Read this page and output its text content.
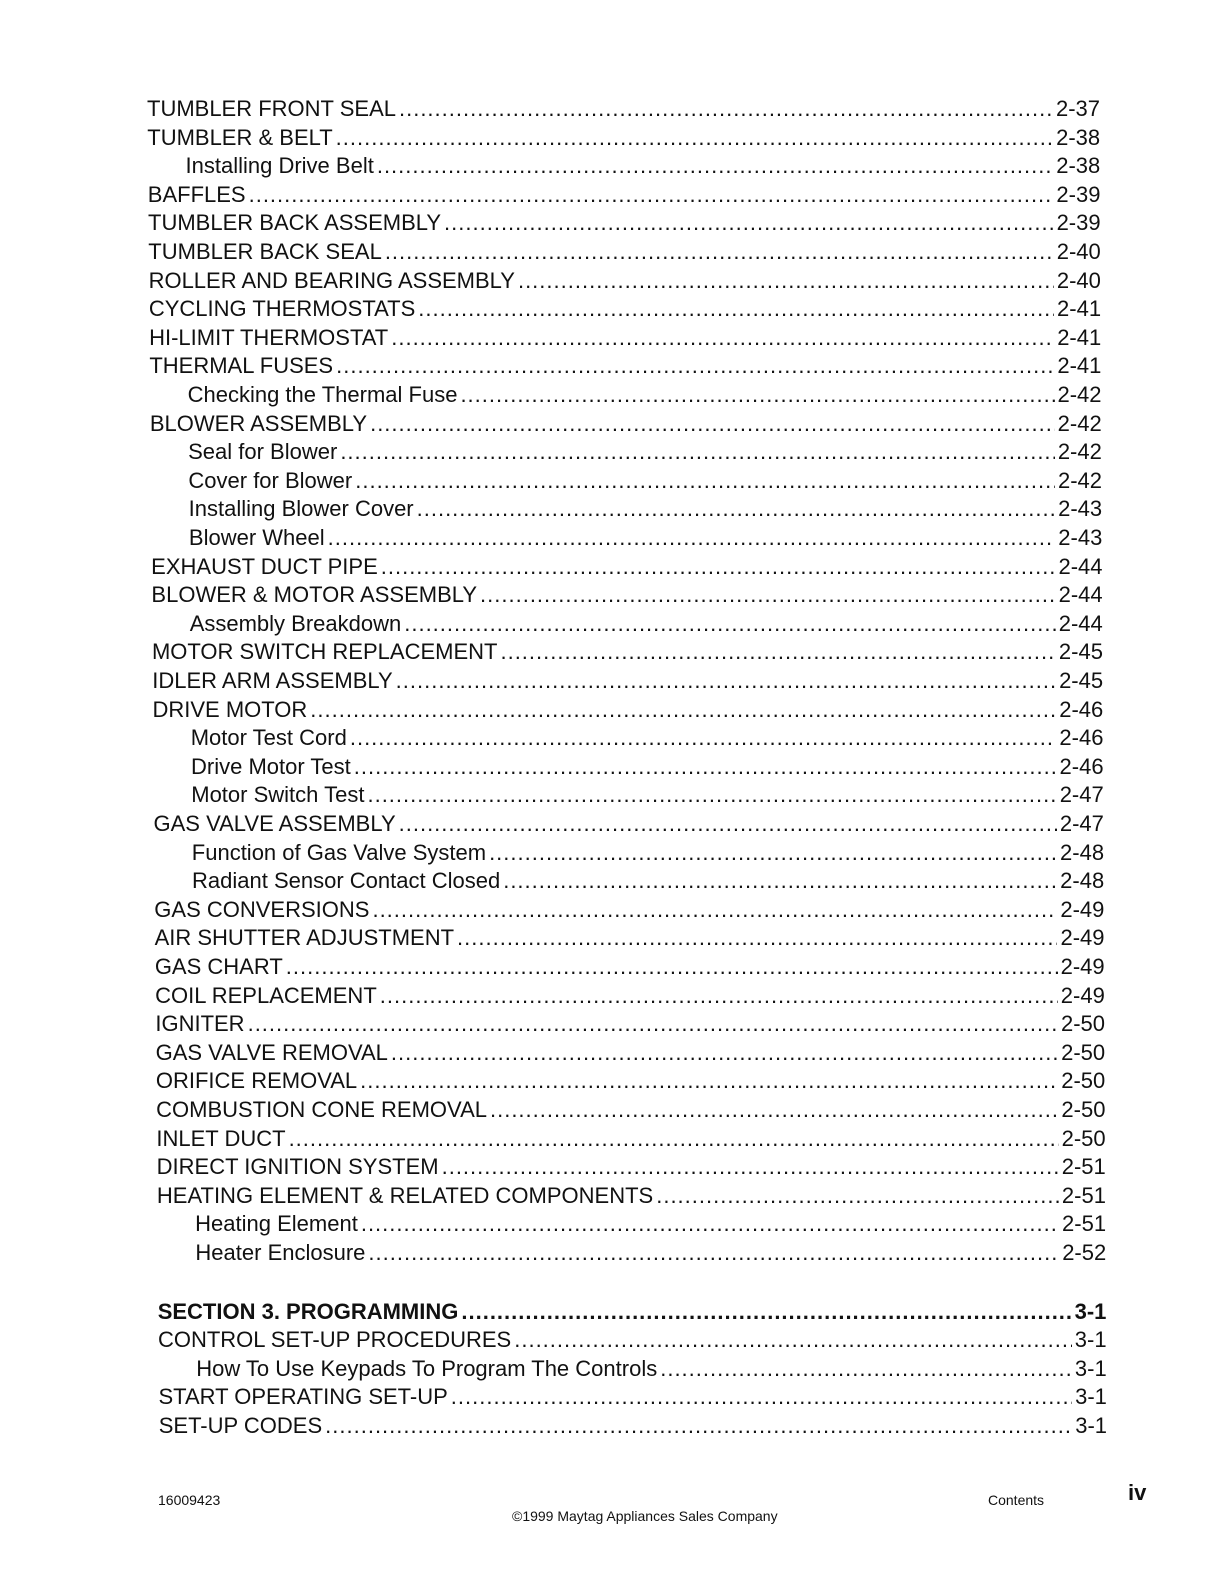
TUMBLER FRONT SEAL .....	2-37
TUMBLER & BELT .....	2-38
Installing Drive Belt .....	2-38
BAFFLES .....	2-39
TUMBLER BACK ASSEMBLY .....	2-39
TUMBLER BACK SEAL .....	2-40
ROLLER AND BEARING ASSEMBLY .....	2-40
CYCLING THERMOSTATS .....	2-41
HI-LIMIT THERMOSTAT .....	2-41
THERMAL FUSES .....	2-41
Checking the Thermal Fuse .....	2-42
BLOWER ASSEMBLY .....	2-42
Seal for Blower .....	2-42
Cover for Blower .....	2-42
Installing Blower Cover .....	2-43
Blower Wheel .....	2-43
EXHAUST DUCT PIPE .....	2-44
BLOWER & MOTOR ASSEMBLY .....	2-44
Assembly Breakdown .....	2-44
MOTOR SWITCH REPLACEMENT .....	2-45
IDLER ARM ASSEMBLY .....	2-45
DRIVE MOTOR .....	2-46
Motor Test Cord .....	2-46
Drive Motor Test .....	2-46
Motor Switch Test .....	2-47
GAS VALVE ASSEMBLY .....	2-47
Function of Gas Valve System .....	2-48
Radiant Sensor Contact Closed .....	2-48
GAS CONVERSIONS .....	2-49
AIR SHUTTER ADJUSTMENT .....	2-49
GAS CHART .....	2-49
COIL REPLACEMENT .....	2-49
IGNITER .....	2-50
GAS VALVE REMOVAL .....	2-50
ORIFICE REMOVAL .....	2-50
COMBUSTION CONE REMOVAL .....	2-50
INLET DUCT .....	2-50
DIRECT IGNITION SYSTEM .....	2-51
HEATING ELEMENT & RELATED COMPONENTS .....	2-51
Heating Element .....	2-51
Heater Enclosure .....	2-52
SECTION 3. PROGRAMMING .....	3-1
CONTROL SET-UP PROCEDURES .....	3-1
How To Use Keypads To Program The Controls .....	3-1
START OPERATING SET-UP .....	3-1
SET-UP CODES .....	3-1
16009423
©1999 Maytag Appliances Sales Company
Contents	iv
